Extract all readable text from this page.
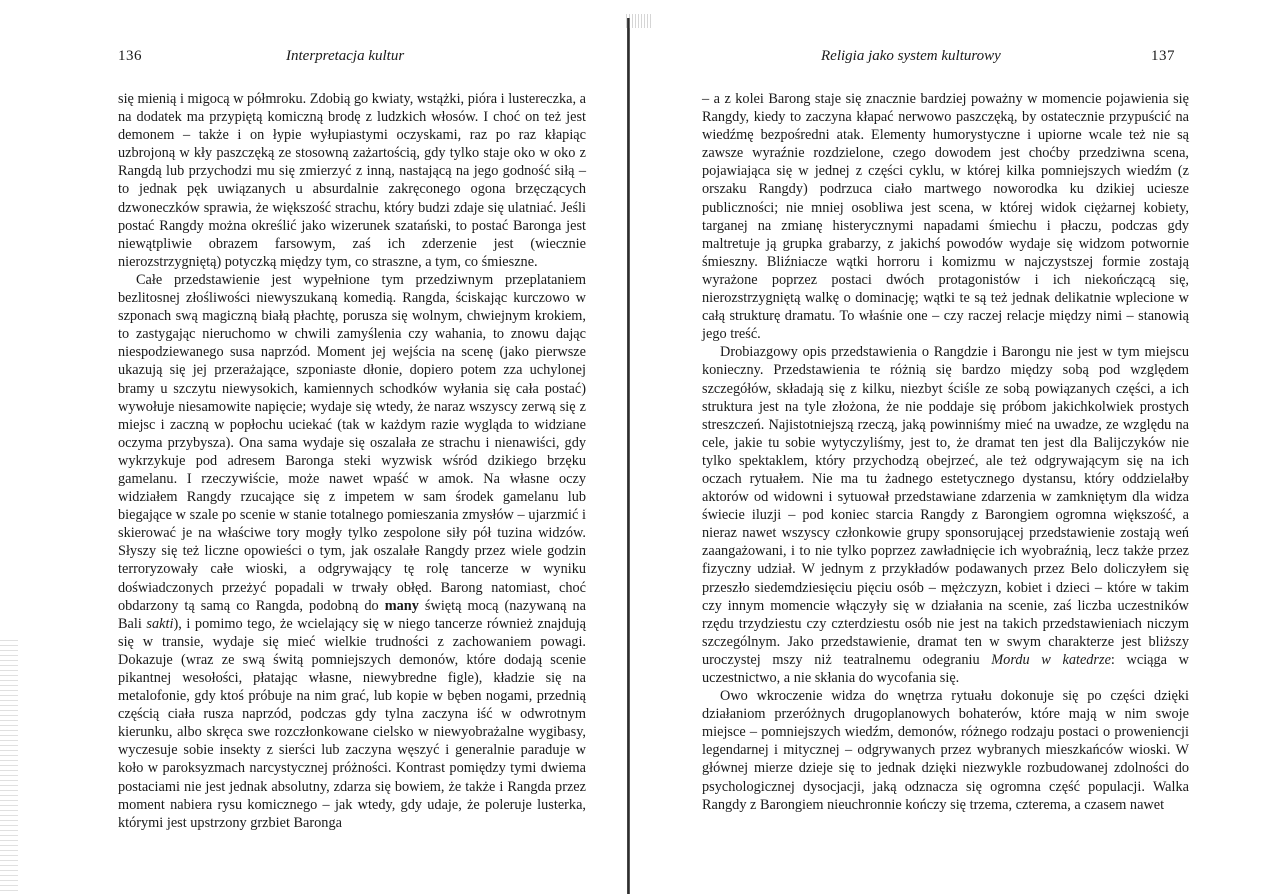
136	Interpretacja kultur

się mienią i migocą w półmroku. Zdobią go kwiaty, wstążki, pióra i lustereczka, a na dodatek ma przypiętą komiczną brodę z ludzkich włosów. I choć on też jest demonem – także i on łypie wyłupiastymi oczyskami, raz po raz kłapiąc uzbrojoną w kły paszczęką ze stosowną zażartością, gdy tylko staje oko w oko z Rangdą lub przychodzi mu się zmierzyć z inną, nastającą na jego godność siłą – to jednak pęk uwiązanych u absurdalnie zakręconego ogona brzęczących dzwoneczków sprawia, że większość strachu, który budzi zdaje się ulatniać. Jeśli postać Rangdy można określić jako wizerunek szatański, to postać Baronga jest niewątpliwie obrazem farsowym, zaś ich zderzenie jest (wiecznie nierozstrzygniętą) potyczką między tym, co straszne, a tym, co śmieszne.

Całe przedstawienie jest wypełnione tym przedziwnym przeplataniem bezlitosnej złośliwości niewyszukaną komedią. Rangda, ściskając kurczowo w szponach swą magiczną białą płachtę, porusza się wolnym, chwiejnym krokiem, to zastygając nieruchomo w chwili zamyślenia czy wahania, to znowu dając niespodziewanego susa naprzód. Moment jej wejścia na scenę (jako pierwsze ukazują się jej przerażające, szponiaste dłonie, dopiero potem zza uchylonej bramy u szczytu niewysokich, kamiennych schodków wyłania się cała postać) wywołuje niesamowite napięcie; wydaje się wtedy, że naraz wszyscy zerwą się z miejsc i zaczną w popłochu uciekać (tak w każdym razie wygląda to widziane oczyma przybysza). Ona sama wydaje się oszalała ze strachu i nienawiści, gdy wykrzykuje pod adresem Baronga steki wyzwisk wśród dzikiego brzęku gamelanu. I rzeczywiście, może nawet wpaść w amok. Na własne oczy widziałem Rangdy rzucające się z impetem w sam środek gamelanu lub biegające w szale po scenie w stanie totalnego pomieszania zmysłów – ujarzmić i skierować je na właściwe tory mogły tylko zespolone siły pół tuzina widzów. Słyszy się też liczne opowieści o tym, jak oszalałe Rangdy przez wiele godzin terroryzowały całe wioski, a odgrywający tę rolę tancerze w wyniku doświadczonych przeżyć popadali w trwały obłęd. Barong natomiast, choć obdarzony tą samą co Rangda, podobną do many świętą mocą (nazywaną na Bali sakti), i pomimo tego, że wcielający się w niego tancerze również znajdują się w transie, wydaje się mieć wielkie trudności z zachowaniem powagi. Dokazuje (wraz ze swą świtą pomniejszych demonów, które dodają scenie pikantnej wesołości, płatając własne, niewybredne figle), kładzie się na metalofonie, gdy ktoś próbuje na nim grać, lub kopie w bęben nogami, przednią częścią ciała rusza naprzód, podczas gdy tylna zaczyna iść w odwrotnym kierunku, albo skręca swe rozczłonkowane cielsko w niewyobrażalne wygibasy, wyczesuje sobie insekty z sierści lub zaczyna węszyć i generalnie paraduje w koło w paroksyzmach narcystycznej próżności. Kontrast pomiędzy tymi dwiema postaciami nie jest jednak absolutny, zdarza się bowiem, że także i Rangda przez moment nabiera rysu komicznego – jak wtedy, gdy udaje, że poleruje lusterka, którymi jest upstrzony grzbiet Baronga

Religia jako system kulturowy	137

– a z kolei Barong staje się znacznie bardziej poważny w momencie pojawienia się Rangdy, kiedy to zaczyna kłapać nerwowo paszczęką, by ostatecznie przypuścić na wiedźmę bezpośredni atak. Elementy humorystyczne i upiorne wcale też nie są zawsze wyraźnie rozdzielone, czego dowodem jest choćby przedziwna scena, pojawiająca się w jednej z części cyklu, w której kilka pomniejszych wiedźm (z orszaku Rangdy) podrzuca ciało martwego noworodka ku dzikiej uciesze publiczności; nie mniej osobliwa jest scena, w której widok ciężarnej kobiety, targanej na zmianę histerycznymi napadami śmiechu i płaczu, podczas gdy maltretuje ją grupka grabarzy, z jakichś powodów wydaje się widzom potwornie śmieszny. Bliźniacze wątki horroru i komizmu w najczystszej formie zostają wyrażone poprzez postaci dwóch protagonistów i ich niekończącą się, nierozstrzygniętą walkę o dominację; wątki te są też jednak delikatnie wplecione w całą strukturę dramatu. To właśnie one – czy raczej relacje między nimi – stanowią jego treść.

Drobiazgowy opis przedstawienia o Rangdzie i Barongu nie jest w tym miejscu konieczny. Przedstawienia te różnią się bardzo między sobą pod względem szczegółów, składają się z kilku, niezbyt ściśle ze sobą powiązanych części, a ich struktura jest na tyle złożona, że nie poddaje się próbom jakichkolwiek prostych streszczeń. Najistotniejszą rzeczą, jaką powinniśmy mieć na uwadze, ze względu na cele, jakie tu sobie wytyczyliśmy, jest to, że dramat ten jest dla Balijczyków nie tylko spektaklem, który przychodzą obejrzeć, ale też odgrywającym się na ich oczach rytuałem. Nie ma tu żadnego estetycznego dystansu, który oddzielałby aktorów od widowni i sytuował przedstawiane zdarzenia w zamkniętym dla widza świecie iluzji – pod koniec starcia Rangdy z Barongiem ogromna większość, a nieraz nawet wszyscy członkowie grupy sponsorującej przedstawienie zostają weń zaangażowani, i to nie tylko poprzez zawładnięcie ich wyobraźnią, lecz także przez fizyczny udział. W jednym z przykładów podawanych przez Belo doliczyłem się przeszło siedemdziesięciu pięciu osób – mężczyzn, kobiet i dzieci – które w takim czy innym momencie włączyły się w działania na scenie, zaś liczba uczestników rzędu trzydziestu czy czterdziestu osób nie jest na takich przedstawieniach niczym szczególnym. Jako przedstawienie, dramat ten w swym charakterze jest bliższy uroczystej mszy niż teatralnemu odegraniu Mordu w katedrze: wciąga w uczestnictwo, a nie skłania do wycofania się.

Owo wkroczenie widza do wnętrza rytuału dokonuje się po części dzięki działaniom przeróżnych drugoplanowych bohaterów, które mają w nim swoje miejsce – pomniejszych wiedźm, demonów, różnego rodzaju postaci o proweniencji legendarnej i mitycznej – odgrywanych przez wybranych mieszkańców wioski. W głównej mierze dzieje się to jednak dzięki niezwykle rozbudowanej zdolności do psychologicznej dysocjacji, jaką odznacza się ogromna część populacji. Walka Rangdy z Barongiem nieuchronnie kończy się trzema, czterema, a czasem nawet
